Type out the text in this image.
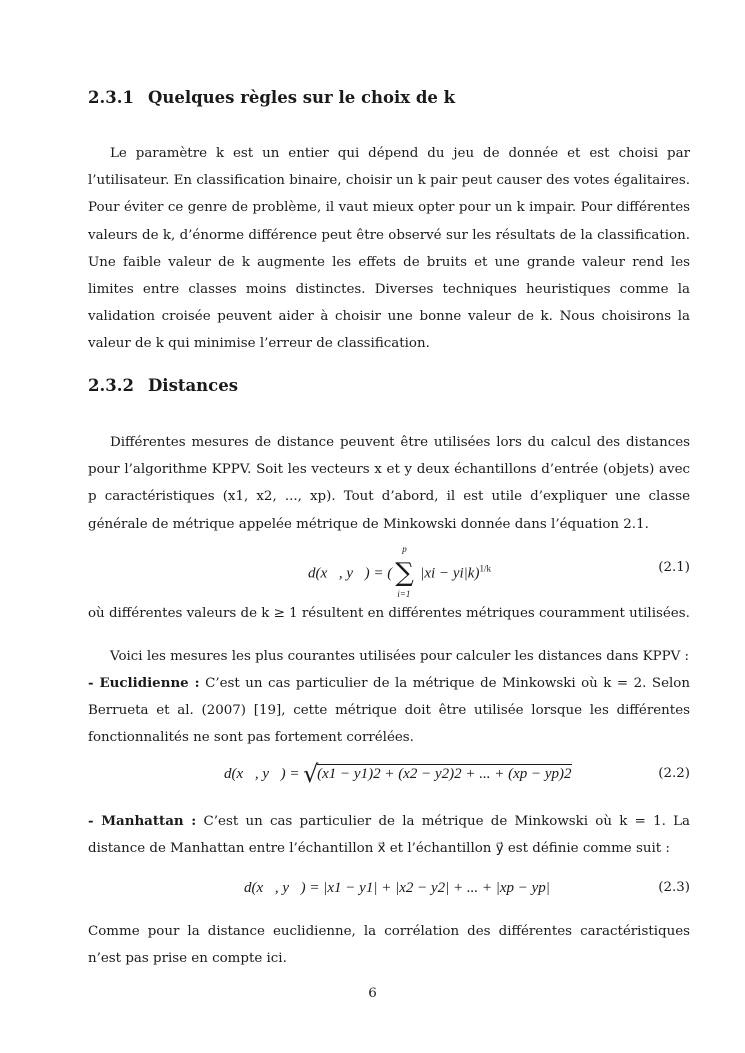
2.3.1 Quelques règles sur le choix de k
Le paramètre k est un entier qui dépend du jeu de donnée et est choisi par l’utilisateur. En classification binaire, choisir un k pair peut causer des votes égalitaires. Pour éviter ce genre de problème, il vaut mieux opter pour un k impair. Pour différentes valeurs de k, d’énorme différence peut être observé sur les résultats de la classification. Une faible valeur de k augmente les effets de bruits et une grande valeur rend les limites entre classes moins distinctes. Diverses techniques heuristiques comme la validation croisée peuvent aider à choisir une bonne valeur de k. Nous choisirons la valeur de k qui minimise l’erreur de classification.
2.3.2 Distances
Différentes mesures de distance peuvent être utilisées lors du calcul des distances pour l’algorithme KPPV. Soit les vecteurs x et y deux échantillons d’entrée (objets) avec p caractéristiques (x1, x2, ..., xp). Tout d’abord, il est utile d’expliquer une classe générale de métrique appelée métrique de Minkowski donnée dans l’équation 2.1.
d(x⃗, y⃗) = ( ∑
p
i=1
|xi − yi|k)$^{1/k}$	(2.1)
où différentes valeurs de k ≥ 1 résultent en différentes métriques couramment utilisées.
Voici les mesures les plus courantes utilisées pour calculer les distances dans KPPV :
- Euclidienne : C’est un cas particulier de la métrique de Minkowski où k = 2. Selon Berrueta et al. (2007) [19], cette métrique doit être utilisée lorsque les différentes fonctionnalités ne sont pas fortement corrélées.
d(x⃗, y⃗) = √
(x1 − y1)2 + (x2 − y2)2 + ... + (xp − yp)2	(2.2)
- Manhattan : C’est un cas particulier de la métrique de Minkowski où k = 1. La distance de Manhattan entre l’échantillon x⃗ et l’échantillon y⃗ est définie comme suit :
d(x⃗, y⃗) = |x1 − y1| + |x2 − y2| + ... + |xp − yp|	(2.3)
Comme pour la distance euclidienne, la corrélation des différentes caractéristiques n’est pas prise en compte ici.
6
